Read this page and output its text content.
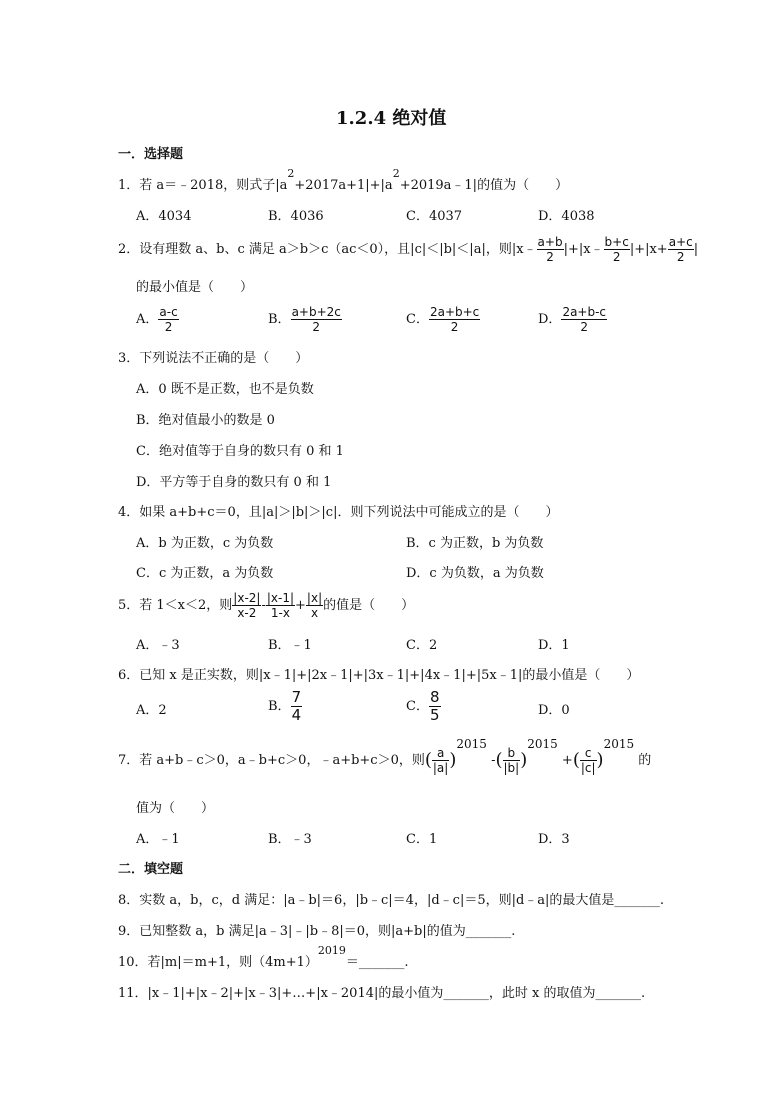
1.2.4 绝对值
一．选择题
1．若 a＝﹣2018，则式子$|a^2+2017a+1|+|a^2+2019a﹣1|$的值为（　　）
A．4034	B．4036	C．4037	D．4038
2．设有理数 a、b、c 满足 a＞b＞c（ac＜0），且|c|＜|b|＜|a|，则|x﹣ $\frac{a+b}{2}$ |+|x﹣ $\frac{b+c}{2} |+|x+ \frac{a+c}{2}$ |
的最小值是（　　）
A． $\frac{a-c}{2}$	B． $\frac{a+b+2c}{2}$	C． $\frac{2a+b+c}{2}$	D． $\frac{2a+b-c}{2}$
3．下列说法不正确的是（　　）
A．0 既不是正数，也不是负数
B．绝对值最小的数是 0
C．绝对值等于自身的数只有 0 和 1
D．平方等于自身的数只有 0 和 1
4．如果 a+b+c＝0，且|a|＞|b|＞|c|．则下列说法中可能成立的是（　　）
A．b 为正数，c 为负数	B．c 为正数，b 为负数
C．c 为正数，a 为负数	D．c 为负数，a 为负数
5．若 1＜x＜2，则 $\frac{|x-2|}{x-2} - \frac{|x-1|}{1-x} + \frac{|x|}{x}$ 的值是（　　）
A．﹣3	B．﹣1	C．2	D．1
6．已知 x 是正实数，则|x﹣1|+|2x﹣1|+|3x﹣1|+|4x﹣1|+|5x﹣1|的最小值是（　　）
A．2	B． $\frac{7}{4}$	C． $\frac{8}{5}$	D．0
7．若 a+b﹣c＞0，a﹣b+c＞0，﹣a+b+c＞0，则( $\frac{a}{|a|} )2015$ -( $\frac{b}{|b|} )2015$ +( $\frac{c}{|c|} )2015$ 的
值为（　　）
A．﹣1	B．﹣3	C．1	D．3
二．填空题
8．实数 a，b，c，d 满足：|a﹣b|＝6，|b﹣c|＝4，|d﹣c|＝5，则|d﹣a|的最大值是_______.
9．已知整数 a，b 满足|a﹣3|﹣|b﹣8|＝0，则|a+b|的值为_______.
10．若|m|＝m+1，则$(4m+1)^{2019}=\_\_\_\_\_\_\_$.
11．|x﹣1|+|x﹣2|+|x﹣3|+…+|x﹣2014|的最小值为_______，此时 x 的取值为_______.
